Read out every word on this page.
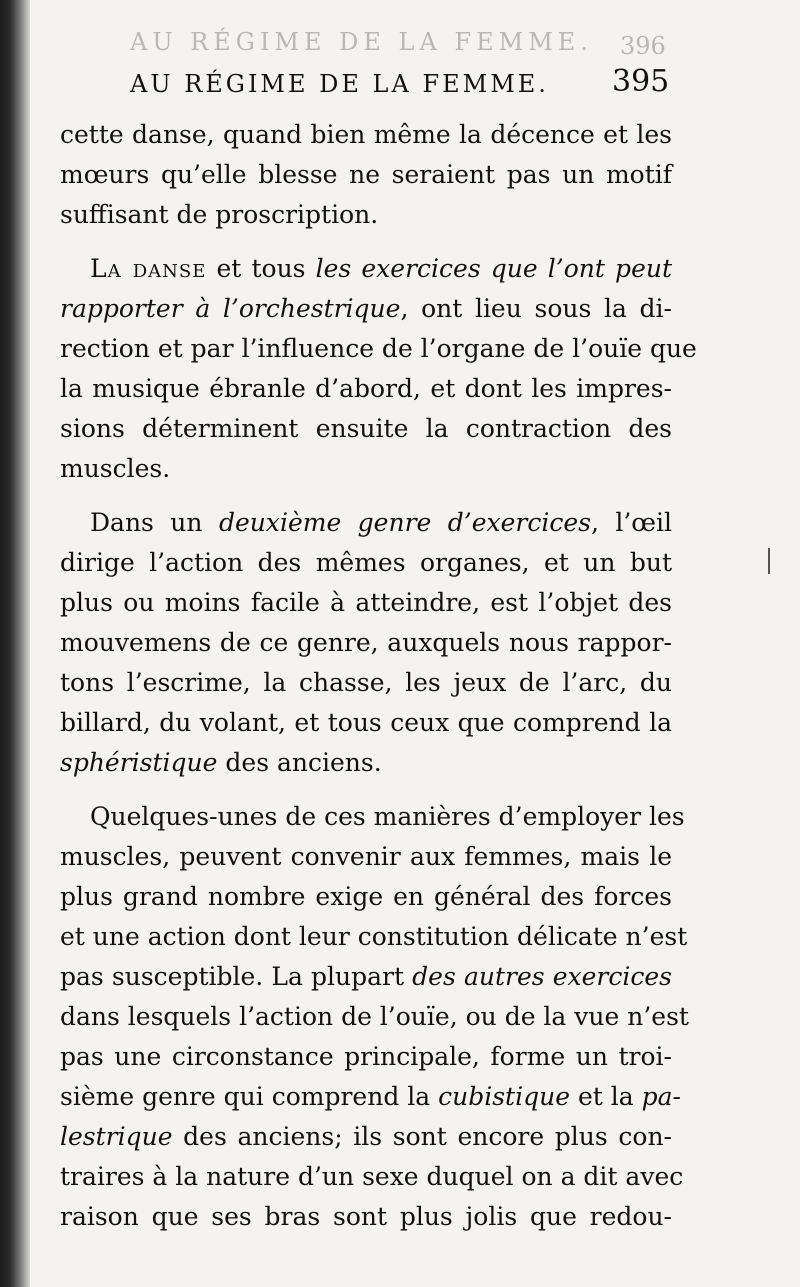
AU RÉGIME DE LA FEMME. 396
AU RÉGIME DE LA FEMME. 395
cette danse, quand bien même la décence et les
mœurs qu’elle blesse ne seraient pas un motif
suffisant de proscription.
La danse et tous les exercices que l’ont peut
rapporter à l’orchestrique, ont lieu sous la di-
rection et par l’influence de l’organe de l’ouïe que
la musique ébranle d’abord, et dont les impres-
sions déterminent ensuite la contraction des
muscles.
Dans un deuxième genre d’exercices, l’œil
dirige l’action des mêmes organes, et un but
plus ou moins facile à atteindre, est l’objet des
mouvemens de ce genre, auxquels nous rappor-
tons l’escrime, la chasse, les jeux de l’arc, du
billard, du volant, et tous ceux que comprend la
sphéristique des anciens.
Quelques-unes de ces manières d’employer les
muscles, peuvent convenir aux femmes, mais le
plus grand nombre exige en général des forces
et une action dont leur constitution délicate n’est
pas susceptible. La plupart des autres exercices
dans lesquels l’action de l’ouïe, ou de la vue n’est
pas une circonstance principale, forme un troi-
sième genre qui comprend la cubistique et la pa-
lestrique des anciens; ils sont encore plus con-
traires à la nature d’un sexe duquel on a dit avec
raison que ses bras sont plus jolis que redou-
